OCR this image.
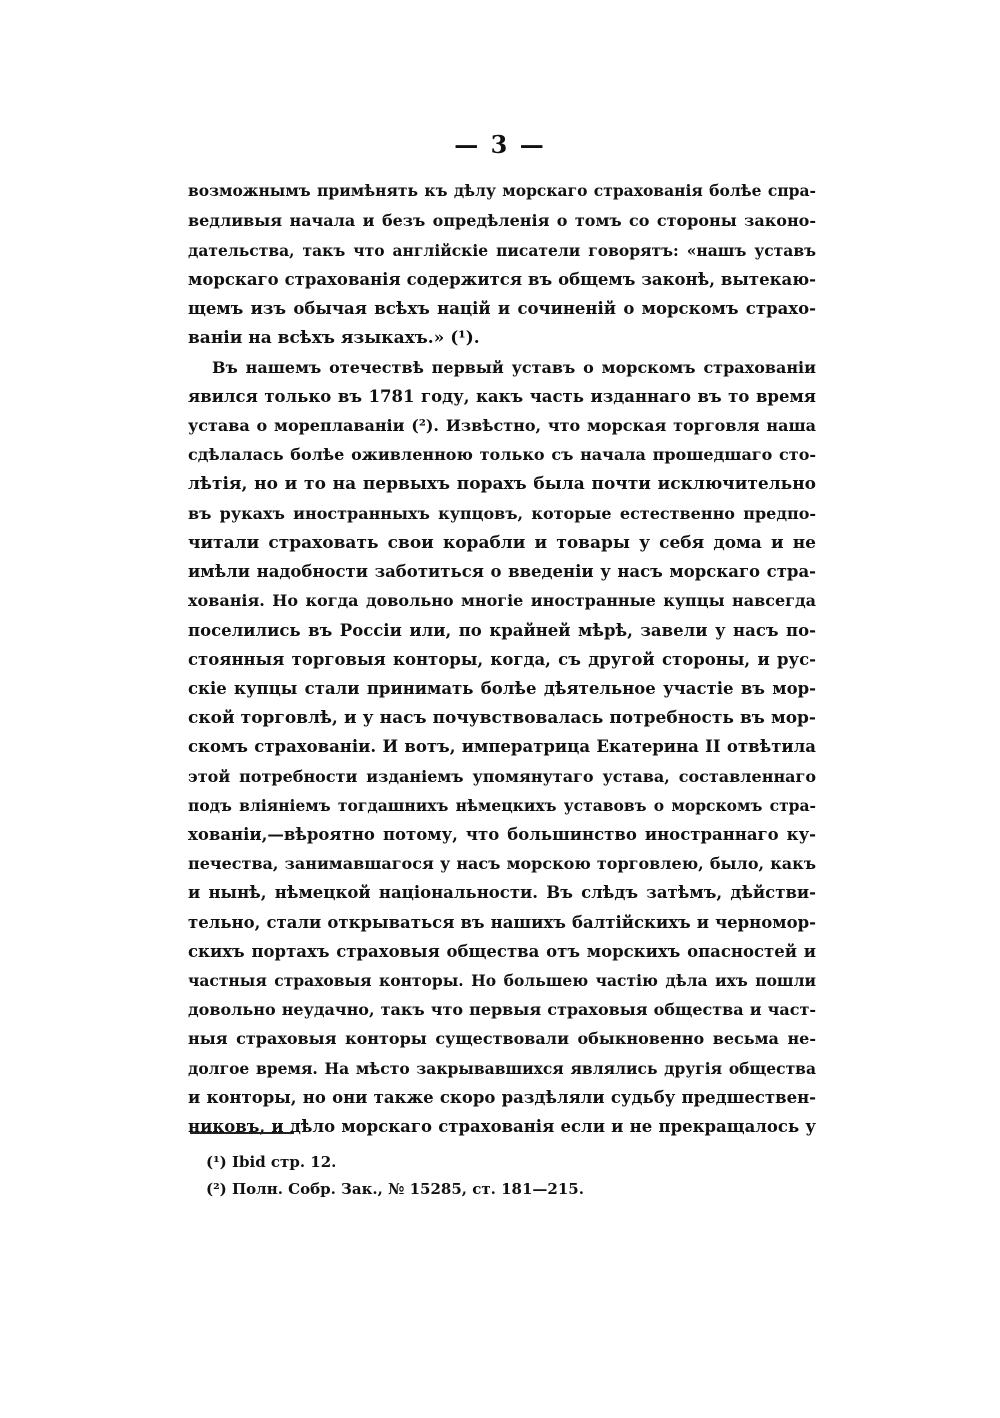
— 3 —
возможнымъ примѣнять къ дѣлу морскаго страхованія болѣе спра-
ведливыя начала и безъ опредѣленія о томъ со стороны законо-
дательства, такъ что англійскіе писатели говорятъ: «нашъ уставъ
морскаго страхованія содержится въ общемъ законѣ, вытекаю-
щемъ изъ обычая всѣхъ націй и сочиненій о морскомъ страхо-
ваніи на всѣхъ языкахъ.» (¹).
Въ нашемъ отечествѣ первый уставъ о морскомъ страхованіи
явился только въ 1781 году, какъ часть изданнаго въ то время
устава о мореплаваніи (²). Извѣстно, что морская торговля наша
сдѣлалась болѣе оживленною только съ начала прошедшаго сто-
лѣтія, но и то на первыхъ порахъ была почти исключительно
въ рукахъ иностранныхъ купцовъ, которые естественно предпо-
читали страховать свои корабли и товары у себя дома и не
имѣли надобности заботиться о введеніи у насъ морскаго стра-
хованія. Но когда довольно многіе иностранные купцы навсегда
поселились въ Россіи или, по крайней мѣрѣ, завели у насъ по-
стоянныя торговыя конторы, когда, съ другой стороны, и рус-
скіе купцы стали принимать болѣе дѣятельное участіе въ мор-
ской торговлѣ, и у насъ почувствовалась потребность въ мор-
скомъ страхованіи. И вотъ, императрица Екатерина II отвѣтила
этой потребности изданіемъ упомянутаго устава, составленнаго
подъ вліяніемъ тогдашнихъ нѣмецкихъ уставовъ о морскомъ стра-
хованіи,—вѣроятно потому, что большинство иностраннаго ку-
печества, занимавшагося у насъ морскою торговлею, было, какъ
и нынѣ, нѣмецкой національности. Въ слѣдъ затѣмъ, дѣйстви-
тельно, стали открываться въ нашихъ балтійскихъ и черномор-
скихъ портахъ страховыя общества отъ морскихъ опасностей и
частныя страховыя конторы. Но большею частію дѣла ихъ пошли
довольно неудачно, такъ что первыя страховыя общества и част-
ныя страховыя конторы существовали обыкновенно весьма не-
долгое время. На мѣсто закрывавшихся являлись другія общества
и конторы, но они также скоро раздѣляли судьбу предшествен-
никовъ, и дѣло морскаго страхованія если и не прекращалось у
(¹) Ibid стр. 12.
(²) Полн. Собр. Зак., № 15285, ст. 181—215.
